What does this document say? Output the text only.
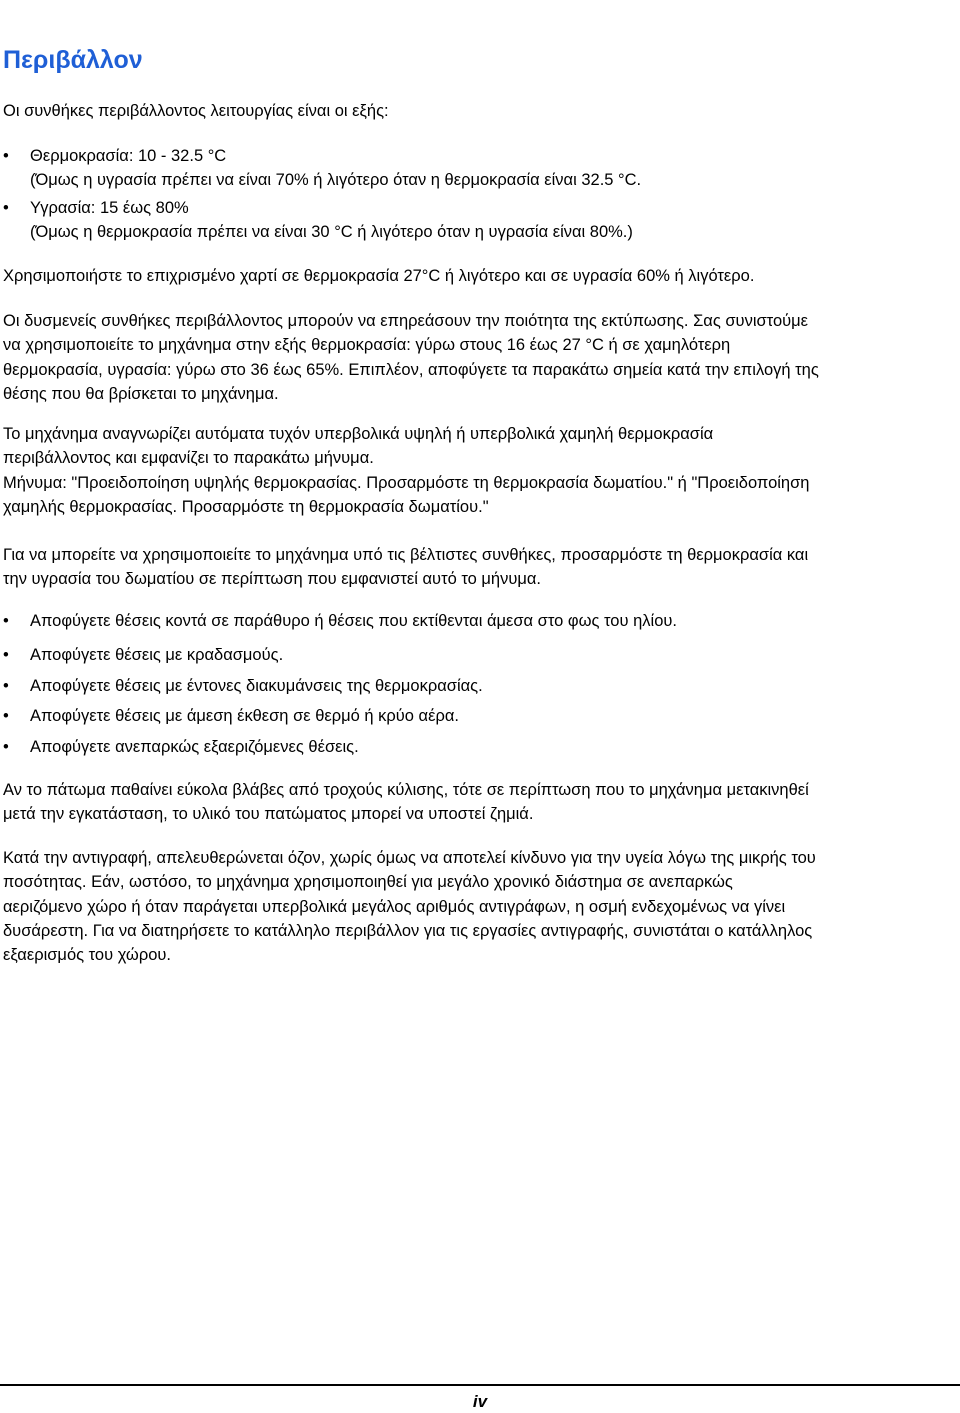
Περιβάλλον

Οι συνθήκες περιβάλλοντος λειτουργίας είναι οι εξής:

• Θερμοκρασία: 10 - 32.5 °C
(Όμως η υγρασία πρέπει να είναι 70% ή λιγότερο όταν η θερμοκρασία είναι 32.5 °C.
• Υγρασία: 15 έως 80%
(Όμως η θερμοκρασία πρέπει να είναι 30 °C ή λιγότερο όταν η υγρασία είναι 80%.)

Χρησιμοποιήστε το επιχρισμένο χαρτί σε θερμοκρασία 27°C ή λιγότερο και σε υγρασία 60% ή λιγότερο.

Οι δυσμενείς συνθήκες περιβάλλοντος μπορούν να επηρεάσουν την ποιότητα της εκτύπωσης. Σας συνιστούμε
να χρησιμοποιείτε το μηχάνημα στην εξής θερμοκρασία: γύρω στους 16 έως 27 °C ή σε χαμηλότερη
θερμοκρασία, υγρασία: γύρω στο 36 έως 65%. Επιπλέον, αποφύγετε τα παρακάτω σημεία κατά την επιλογή της
θέσης που θα βρίσκεται το μηχάνημα.

Το μηχάνημα αναγνωρίζει αυτόματα τυχόν υπερβολικά υψηλή ή υπερβολικά χαμηλή θερμοκρασία
περιβάλλοντος και εμφανίζει το παρακάτω μήνυμα.
Μήνυμα: "Προειδοποίηση υψηλής θερμοκρασίας. Προσαρμόστε τη θερμοκρασία δωματίου." ή "Προειδοποίηση
χαμηλής θερμοκρασίας. Προσαρμόστε τη θερμοκρασία δωματίου."

Για να μπορείτε να χρησιμοποιείτε το μηχάνημα υπό τις βέλτιστες συνθήκες, προσαρμόστε τη θερμοκρασία και
την υγρασία του δωματίου σε περίπτωση που εμφανιστεί αυτό το μήνυμα.

• Αποφύγετε θέσεις κοντά σε παράθυρο ή θέσεις που εκτίθενται άμεσα στο φως του ηλίου.
• Αποφύγετε θέσεις με κραδασμούς.
• Αποφύγετε θέσεις με έντονες διακυμάνσεις της θερμοκρασίας.
• Αποφύγετε θέσεις με άμεση έκθεση σε θερμό ή κρύο αέρα.
• Αποφύγετε ανεπαρκώς εξαεριζόμενες θέσεις.

Αν το πάτωμα παθαίνει εύκολα βλάβες από τροχούς κύλισης, τότε σε περίπτωση που το μηχάνημα μετακινηθεί
μετά την εγκατάσταση, το υλικό του πατώματος μπορεί να υποστεί ζημιά.

Κατά την αντιγραφή, απελευθερώνεται όζον, χωρίς όμως να αποτελεί κίνδυνο για την υγεία λόγω της μικρής του
ποσότητας. Εάν, ωστόσο, το μηχάνημα χρησιμοποιηθεί για μεγάλο χρονικό διάστημα σε ανεπαρκώς
αεριζόμενο χώρο ή όταν παράγεται υπερβολικά μεγάλος αριθμός αντιγράφων, η οσμή ενδεχομένως να γίνει
δυσάρεστη. Για να διατηρήσετε το κατάλληλο περιβάλλον για τις εργασίες αντιγραφής, συνιστάται ο κατάλληλος
εξαερισμός του χώρου.

iv
